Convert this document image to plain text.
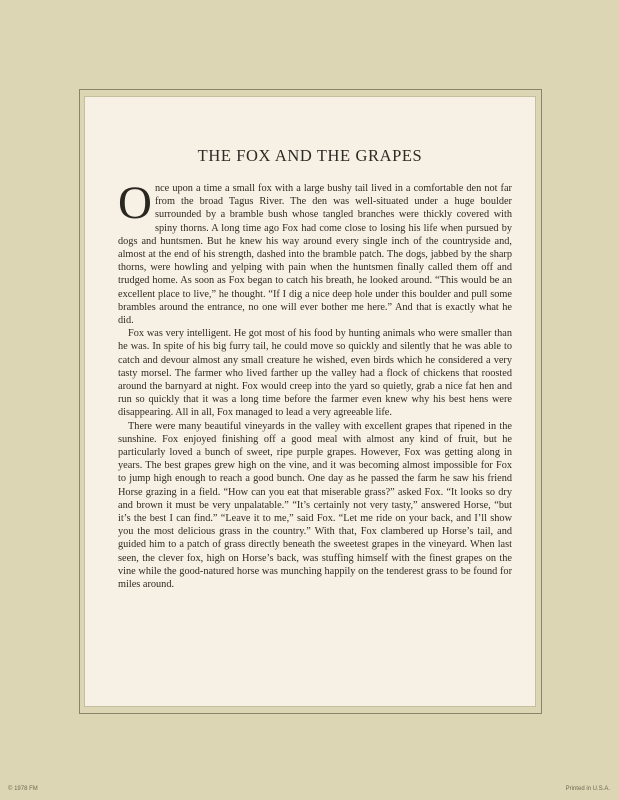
THE FOX AND THE GRAPES

Once upon a time a small fox with a large bushy tail lived in a comfortable den not far from the broad Tagus River. The den was well-situated under a huge boulder surrounded by a bramble bush whose tangled branches were thickly covered with spiny thorns. A long time ago Fox had come close to losing his life when pursued by dogs and huntsmen. But he knew his way around every single inch of the countryside and, almost at the end of his strength, dashed into the bramble patch. The dogs, jabbed by the sharp thorns, were howling and yelping with pain when the huntsmen finally called them off and trudged home. As soon as Fox began to catch his breath, he looked around. “This would be an excellent place to live,” he thought. “If I dig a nice deep hole under this boulder and pull some brambles around the entrance, no one will ever bother me here.” And that is exactly what he did.

Fox was very intelligent. He got most of his food by hunting animals who were smaller than he was. In spite of his big furry tail, he could move so quickly and silently that he was able to catch and devour almost any small creature he wished, even birds which he considered a very tasty morsel. The farmer who lived farther up the valley had a flock of chickens that roosted around the barnyard at night. Fox would creep into the yard so quietly, grab a nice fat hen and run so quickly that it was a long time before the farmer even knew why his best hens were disappearing. All in all, Fox managed to lead a very agreeable life.

There were many beautiful vineyards in the valley with excellent grapes that ripened in the sunshine. Fox enjoyed finishing off a good meal with almost any kind of fruit, but he particularly loved a bunch of sweet, ripe purple grapes. However, Fox was getting along in years. The best grapes grew high on the vine, and it was becoming almost impossible for Fox to jump high enough to reach a good bunch. One day as he passed the farm he saw his friend Horse grazing in a field. “How can you eat that miserable grass?” asked Fox. “It looks so dry and brown it must be very unpalatable.” “It’s certainly not very tasty,” answered Horse, “but it’s the best I can find.” “Leave it to me,” said Fox. “Let me ride on your back, and I’ll show you the most delicious grass in the country.” With that, Fox clambered up Horse’s tail, and guided him to a patch of grass directly beneath the sweetest grapes in the vineyard. When last seen, the clever fox, high on Horse’s back, was stuffing himself with the finest grapes on the vine while the good-natured horse was munching happily on the tenderest grass to be found for miles around.

© 1978 FM	Printed in U.S.A.
